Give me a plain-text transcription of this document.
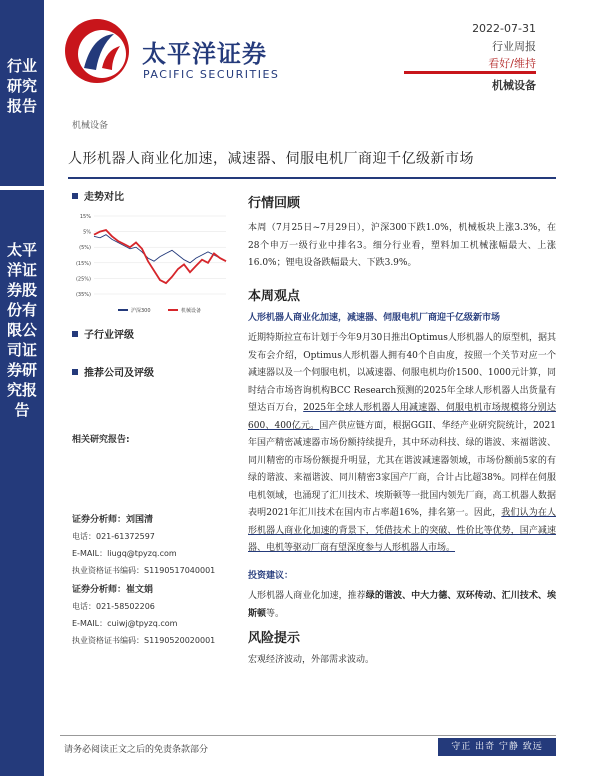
行业研究报告
太平洋证券股份有限公司证券研究报告
太平洋证券
PACIFIC SECURITIES
2022-07-31
行业周报
看好/维持
机械设备
机械设备
人形机器人商业化加速，减速器、伺服电机厂商迎千亿级新市场
走势对比
15%
5%
(5%)
(15%)
(25%)
(35%)
沪深300	机械设备
子行业评级
推荐公司及评级
相关研究报告:
证券分析师：刘国清
电话：021-61372597
E-MAIL：liugq@tpyzq.com
执业资格证书编码：S1190517040001
证券分析师：崔文娟
电话：021-58502206
E-MAIL：cuiwj@tpyzq.com
执业资格证书编码：S1190520020001
行情回顾
本周（7月25日~7月29日），沪深300下跌1.0%，机械板块上涨3.3%，在28个申万一级行业中排名3。细分行业看，塑料加工机械涨幅最大、上涨16.0%；锂电设备跌幅最大、下跌3.9%。
本周观点
人形机器人商业化加速，减速器、伺服电机厂商迎千亿级新市场
近期特斯拉宣布计划于今年9月30日推出Optimus人形机器人的原型机，据其发布会介绍，Optimus人形机器人拥有40个自由度，按照一个关节对应一个减速器以及一个伺服电机，以减速器、伺服电机均价1500、1000元计算，同时结合市场咨询机构BCC Research预测的2025年全球人形机器人出货量有望达百万台，2025年全球人形机器人用减速器、伺服电机市场规模将分别达600、400亿元。国产供应链方面，根据GGII、华经产业研究院统计，2021年国产精密减速器市场份额持续提升，其中环动科技、绿的谐波、来福谐波、同川精密的市场份额提升明显，尤其在谐波减速器领域，市场份额前5家的有绿的谐波、来福谐波、同川精密3家国产厂商，合计占比超38%。同样在伺服电机领域，也涌现了汇川技术、埃斯顿等一批国内领先厂商，高工机器人数据表明2021年汇川技术在国内市占率超16%，排名第一。因此，我们认为在人形机器人商业化加速的背景下，凭借技术上的突破、性价比等优势，国产减速器、电机等驱动厂商有望深度参与人形机器人市场。
投资建议：
人形机器人商业化加速，推荐绿的谐波、中大力德、双环传动、汇川技术、埃斯顿等。
风险提示
宏观经济波动，外部需求波动。
请务必阅读正文之后的免责条款部分	守正 出奇 宁静 致远
